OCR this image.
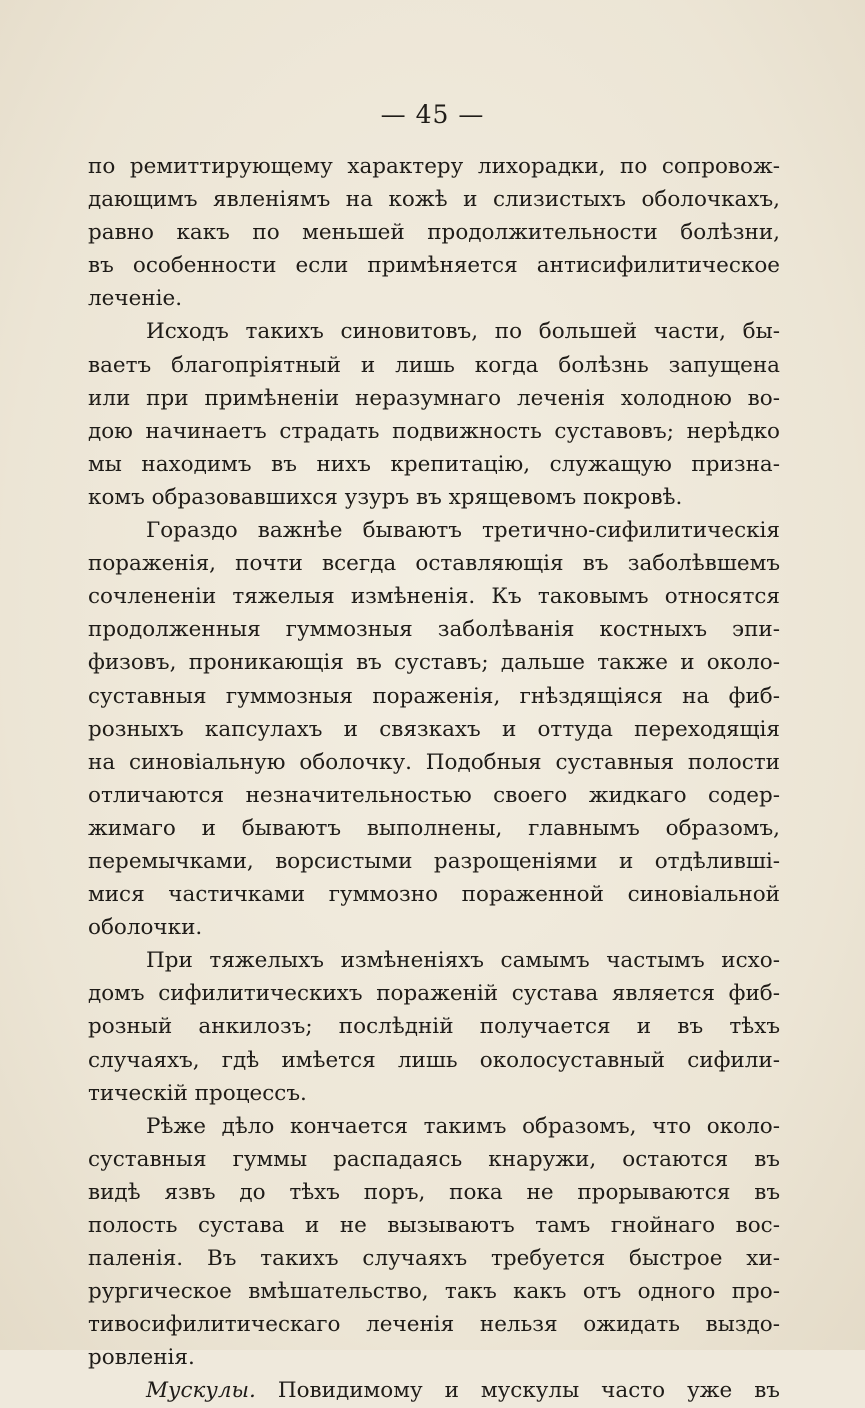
— 45 —
по ремиттирующему характеру лихорадки, по сопровож-
дающимъ явленіямъ на кожѣ и слизистыхъ оболочкахъ,
равно какъ по меньшей продолжительности болѣзни,
въ особенности если примѣняется антисифилитическое
леченіе.
Исходъ такихъ синовитовъ, по большей части, бы-
ваетъ благопріятный и лишь когда болѣзнь запущена
или при примѣненіи неразумнаго леченія холодною во-
дою начинаетъ страдать подвижность суставовъ; нерѣдко
мы находимъ въ нихъ крепитацію, служащую призна-
комъ образовавшихся узуръ въ хрящевомъ покровѣ.
Гораздо важнѣе бываютъ третично-сифилитическія
пораженія, почти всегда оставляющія въ заболѣвшемъ
сочлененіи тяжелыя измѣненія. Къ таковымъ относятся
продолженныя гуммозныя заболѣванія костныхъ эпи-
физовъ, проникающія въ суставъ; дальше также и около-
суставныя гуммозныя пораженія, гнѣздящіяся на фиб-
розныхъ капсулахъ и связкахъ и оттуда переходящія
на синовіальную оболочку. Подобныя суставныя полости
отличаются незначительностью своего жидкаго содер-
жимаго и бываютъ выполнены, главнымъ образомъ,
перемычками, ворсистыми разрощеніями и отдѣлившi-
мися частичками гуммозно пораженной синовіальной
оболочки.
При тяжелыхъ измѣненіяхъ самымъ частымъ исхо-
домъ сифилитическихъ пораженій сустава является фиб-
розный анкилозъ; послѣдній получается и въ тѣхъ
случаяхъ, гдѣ имѣется лишь околосуставный сифили-
тическій процессъ.
Рѣже дѣло кончается такимъ образомъ, что около-
суставныя гуммы распадаясь кнаружи, остаются въ
видѣ язвъ до тѣхъ поръ, пока не прорываются въ
полость сустава и не вызываютъ тамъ гнойнаго вос-
паленія. Въ такихъ случаяхъ требуется быстрое хи-
рургическое вмѣшательство, такъ какъ отъ одного про-
тивосифилитическаго леченія нельзя ожидать выздо-
ровленія.
Мускулы. Повидимому и мускулы часто уже въ
